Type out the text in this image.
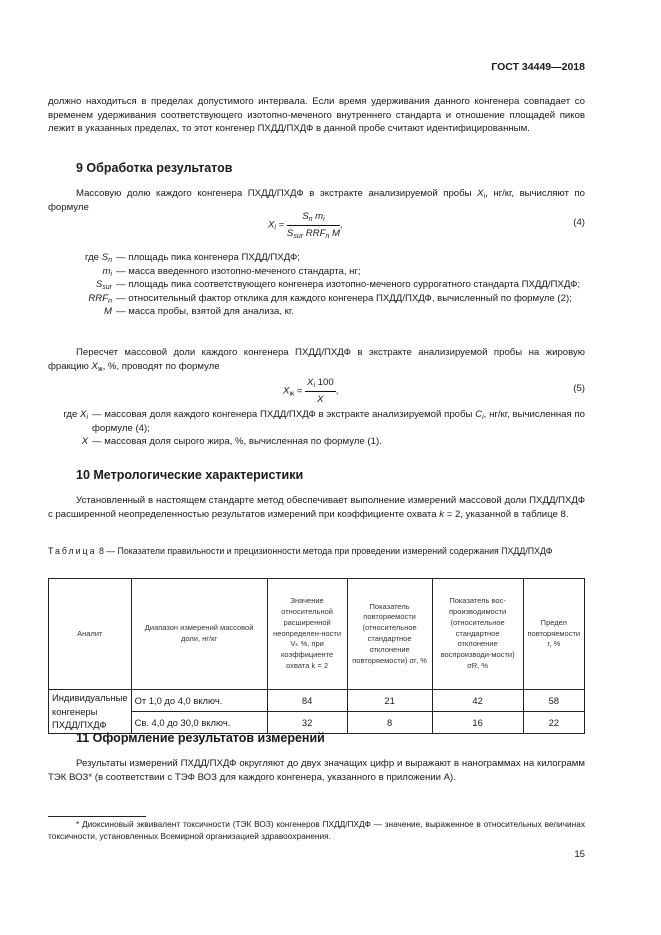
ГОСТ 34449—2018
должно находиться в пределах допустимого интервала. Если время удерживания данного конгенера совпадает со временем удерживания соответствующего изотопно-меченого внутреннего стандарта и отношение площадей пиков лежит в указанных пределах, то этот конгенер ПХДД/ПХДФ в данной пробе считают идентифицированным.
9 Обработка результатов
Массовую долю каждого конгенера ПХДД/ПХДФ в экстракте анализируемой пробы $X_i$, нг/кг, вычисляют по формуле
$X_i = \frac{S_n m_i}{S_{sur} RRF_n M}$ ,	(4)
где $S_n$ — площадь пика конгенера ПХДД/ПХДФ;
$m_i$ — масса введенного изотопно-меченого стандарта, нг;
$S_{sur}$ — площадь пика соответствующего конгенера изотопно-меченого суррогатного стандарта ПХДД/ПХДФ;
$RRF_n$ — относительный фактор отклика для каждого конгенера ПХДД/ПХДФ, вычисленный по формуле (2);
M — масса пробы, взятой для анализа, кг.
Пересчет массовой доли каждого конгенера ПХДД/ПХДФ в экстракте анализируемой пробы на жировую фракцию $X_ж$, %, проводят по формуле
$X_ж = \frac{X_i 100}{X}$ ,	(5)
где $X_i$ — массовая доля каждого конгенера ПХДД/ПХДФ в экстракте анализируемой пробы $C_i$, нг/кг, вычисленная по формуле (4);
X — массовая доля сырого жира, %, вычисленная по формуле (1).
10 Метрологические характеристики
Установленный в настоящем стандарте метод обеспечивает выполнение измерений массовой доли ПХДД/ПХДФ с расширенной неопределенностью результатов измерений при коэффициенте охвата k = 2, указанной в таблице 8.
Таблица 8 — Показатели правильности и прецизионности метода при проведении измерений содержания ПХДД/ПХДФ
Аналит	Диапазон измерений массовой доли, нг/кг	Значение относительной расширенной неопределен-ности Vₖ %, при коэффициенте охвата k = 2	Показатель повторяемости (относительное стандартное отклонение повторяемости) σr, %	Показатель вос-производимости (относительное стандартное отклонение воспроизводи-мости) σR, %	Предел повторяемости r, %
Индивидуальные конгенеры ПХДД/ПХДФ	От 1,0 до 4,0 включ.	84	21	42	58
	Св. 4,0 до 30,0 включ.	32	8	16	22
11 Оформление результатов измерений
Результаты измерений ПХДД/ПХДФ округляют до двух значащих цифр и выражают в нанограммах на килограмм ТЭК ВОЗ* (в соответствии с ТЭФ ВОЗ для каждого конгенера, указанного в приложении А).
* Диоксиновый эквивалент токсичности (ТЭК ВОЗ) конгенеров ПХДД/ПХДФ — значение, выраженное в относительных величинах токсичности, установленных Всемирной организацией здравоохранения.
15
